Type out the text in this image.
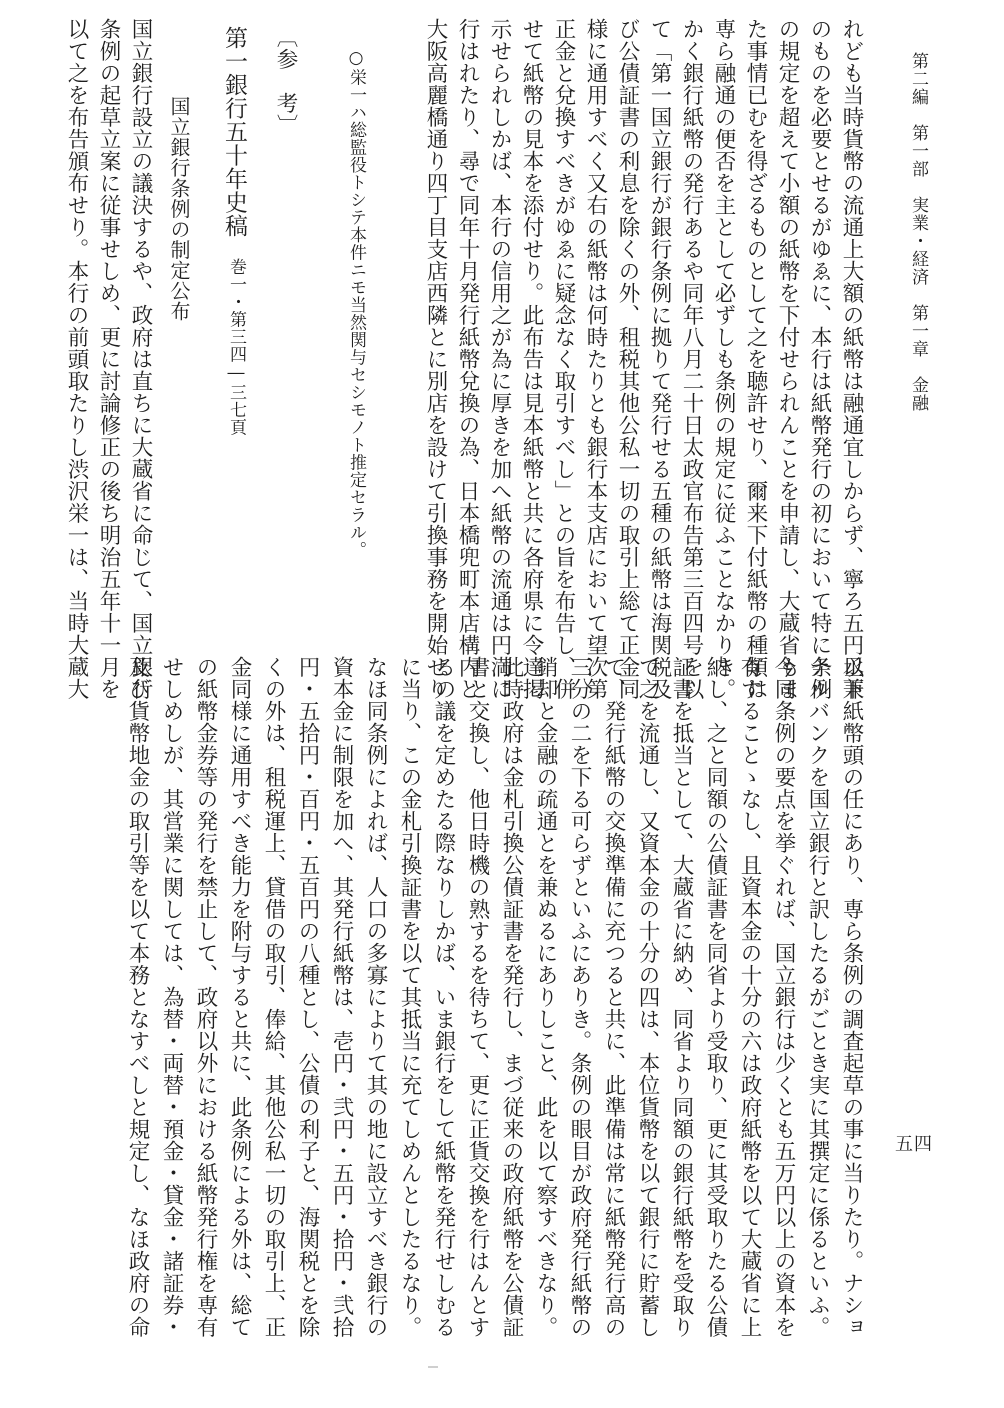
第二編　第一部　実業・経済　第一章　金融
五四
れども当時貨幣の流通上大額の紙幣は融通宜しからず、寧ろ五円以下
のものを必要とせるがゆゑに、本行は紙幣発行の初において特に条例
の規定を超えて小額の紙幣を下付せられんことを申請し、大蔵省もま
た事情已むを得ざるものとして之を聴許せり、爾来下付紙幣の種類は
専ら融通の便否を主として必ずしも条例の規定に従ふことなかりき。
かく銀行紙幣の発行あるや同年八月二十日太政官布告第三百四号を以
て「第一国立銀行が銀行条例に拠りて発行せる五種の紙幣は海関税及
び公債証書の利息を除くの外、租税其他公私一切の取引上総て正金同
様に通用すべく又右の紙幣は何時たりとも銀行本支店において望次第
正金と兌換すべきがゆゑに疑念なく取引すべし」との旨を布告し、併
せて紙幣の見本を添付せり。此布告は見本紙幣と共に各府県に令達掲
示せられしかば、本行の信用之が為に厚きを加へ紙幣の流通は円満に
行はれたり、尋で同年十月発行紙幣兌換の為、日本橋兜町本店構内と
大阪高麗橋通り四丁目支店西隣とに別店を設けて引換事務を開始せり
○栄一ハ総監役トシテ本件ニモ当然関与セシモノト推定セラル。
〔参　考〕
第一銀行五十年史稿
巻一・第三四―三七頁
国立銀行条例の制定公布
国立銀行設立の議決するや、政府は直ちに大蔵省に命じて、国立銀行
条例の起草立案に従事せしめ、更に討論修正の後ち明治五年十一月を
以て之を布告頒布せり。本行の前頭取たりし渋沢栄一は、当時大蔵大
丞兼紙幣頭の任にあり、専ら条例の調査起草の事に当りたり。ナショ
ナルバンクを国立銀行と訳したるがごとき実に其撰定に係るといふ。
今同条例の要点を挙ぐれば、国立銀行は少くとも五万円以上の資本を
有することゝなし、且資本金の十分の六は政府紙幣を以て大蔵省に上
納し、之と同額の公債証書を同省より受取り、更に其受取りたる公債
証書を抵当として、大蔵省に納め、同省より同額の銀行紙幣を受取り
て之を流通し、又資本金の十分の四は、本位貨幣を以て銀行に貯蓄し
て、発行紙幣の交換準備に充つると共に、此準備は常に紙幣発行高の
三分の二を下る可らずといふにありき。条例の眼目が政府発行紙幣の
銷却と金融の疏通とを兼ぬるにありしこと、此を以て察すべきなり。
此時政府は金札引換公債証書を発行し、まづ従来の政府紙幣を公債証
書と交換し、他日時機の熟するを待ちて、更に正貨交換を行はんとす
るの議を定めたる際なりしかば、いま銀行をして紙幣を発行せしむる
に当り、この金札引換証書を以て其抵当に充てしめんとしたるなり。
なほ同条例によれば、人口の多寡によりて其の地に設立すべき銀行の
資本金に制限を加へ、其発行紙幣は、壱円・弐円・五円・拾円・弐拾
円・五拾円・百円・五百円の八種とし、公債の利子と、海関税とを除
くの外は、租税運上、貸借の取引、俸給、其他公私一切の取引上、正
金同様に通用すべき能力を附与すると共に、此条例による外は、総て
の紙幣金券等の発行を禁止して、政府以外における紙幣発行権を専有
せしめしが、其営業に関しては、為替・両替・預金・貸金・諸証券・
及び貨幣地金の取引等を以て本務となすべしと規定し、なほ政府の命
